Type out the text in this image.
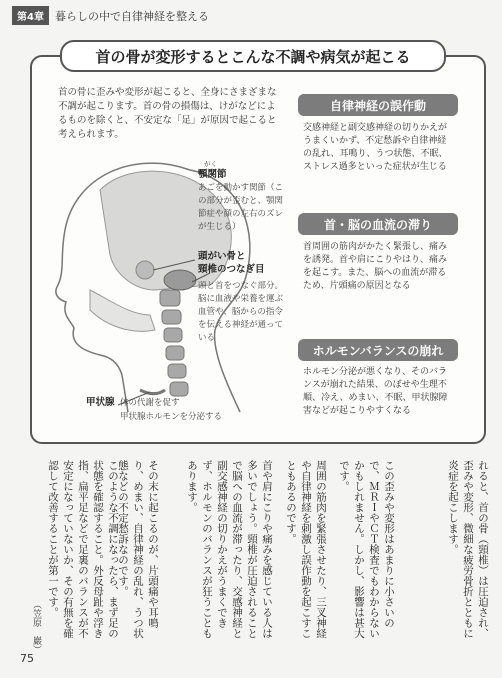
第4章	暮らしの中で自律神経を整える
首の骨が変形するとこんな不調や病気が起こる
首の骨に歪みや変形が起こると、全身にさまざまな不調が起こります。首の骨の損傷は、けがなどによるものを除くと、不安定な「足」が原因で起こると考えられます。
がく
顎関節
あごを動かす関節（この部分が歪むと、顎関節症や顔の左右のズレが生じる）
頭がい骨と
頸椎のつなぎ目
頭と首をつなぐ部分。脳に血液や栄養を運ぶ血管や、脳からの指令を伝える神経が通っている
甲状腺 体の代謝を促す
甲状腺ホルモンを分泌する
自律神経の誤作動
交感神経と副交感神経の切りかえがうまくいかず、不定愁訴や自律神経の乱れ、耳鳴り、うつ状態、不眠、ストレス過多といった症状が生じる
首・脳の血流の滞り
首周囲の筋肉がかたく緊張し、痛みを誘発。首や肩にこりやはり、痛みを起こす。また、脳への血流が滞るため、片頭痛の原因となる
ホルモンバランスの崩れ
ホルモン分泌が悪くなり、そのバランスが崩れた結果、のぼせや生理不順、冷え、めまい、不眠、甲状腺障害などが起こりやすくなる
れると、首の骨（頸椎）は圧迫され、歪みや変形、微細な疲労骨折とともに炎症を起こします。
この歪みや変形はあまりに小さいので、ＭＲＩやＣＴ検査でもわからないかもしれません。しかし、影響は甚大です。
周囲の筋肉を緊張させたり、三叉神経や自律神経を刺激し誤作動を起こすこともあるのです。
首や肩にこりや痛みを感じている人は多いでしょう。頸椎が圧迫されることで脳への血流が滞ったり、交感神経と副交感神経の切りかえがうまくできず、ホルモンのバランスが狂うこともあります。
その末に起こるのが、片頭痛や耳鳴り、めまい、自律神経の乱れ、うつ状態などの不定愁訴なのです。
このような不調になったら、まず足の状態を確認すること。外反母趾や浮き指、扁平足などで足裏のバランスが不安定になっていないか、その有無を確認して改善することが第一です。
（笠原　巖）
75
